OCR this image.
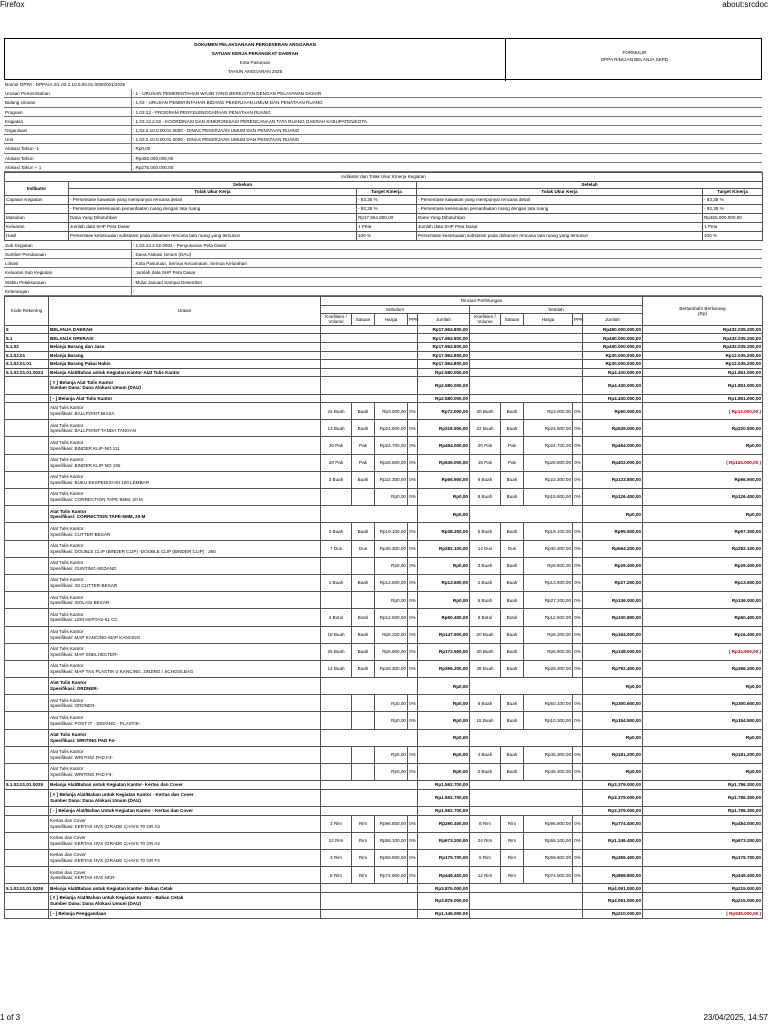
Firefox	about:srcdoc
DOKUMEN PELAKSANAAN PERGESERAN ANGGARAN
SATUAN KERJA PERANGKAT DAERAH
Kota Pasuruan
TAHUN ANGGARAN 2025
FORMULIR
DPPA RINCIAN BELANJA SKPD
Nomor DPPA : DPPA/A.2/1.03.2.10.0.00.01.0000/001/2025
Urusan Pemerintahan	: 1 - URUSAN PEMERINTAHAN WAJIB YANG BERKAITAN DENGAN PELAYANAN DASAR
Bidang Urusan	: 1.03 - URUSAN PEMERINTAHAN BIDANG PEKERJAAN UMUM DAN PENATAAN RUANG
Program	: 1.03.12 - PROGRAM PENYELENGGARAAN PENATAAN RUANG
Kegiatan	: 1.03.12.2.02 - KOORDINASI DAN SINKRONISASI PERENCANAAN TATA RUANG DAERAH KABUPATEN/KOTA
Organisasi	: 1.03.2.10.0.00.01.0000 - DINAS PEKERJAAN UMUM DAN PENATAAN RUANG
Unit	: 1.03.2.10.0.00.01.0000 - DINAS PEKERJAAN UMUM DAN PENATAAN RUANG
Alokasi Tahun -1	: Rp0,00
Alokasi Tahun	: Rp450.000.000,00
Alokasi Tahun + 1	: Rp275.000.000,00
Indikator dan Tolak Ukur Kinerja Kegiatan				
Indikator	Sebelum		Setelah	
	Tolak Ukur Kerja	Target Kinerja	Tolak Ukur Kerja	Target Kinerja
Capaian Kegiatan	- Persentase kawasan yang mempunyai rencana detail	- 83,35 %	- Persentase kawasan yang mempunyai rencana detail	- 83,35 %
	- Persentase kesesuaian pemanfaatan ruang dengan tata ruang	- 92,35 %	- Persentase kesesuaian pemanfaatan ruang dengan tata ruang	- 92,35 %
Masukan	Dana Yang Dibutuhkan	Rp17.964.800,00	Dana Yang Dibutuhkan	Rp450.000.000,00
Keluaran	Jumlah data SHP Peta Dasar	1 Peta	Jumlah data SHP Peta Dasar	1 Peta
Hasil	Persentase kesesuaian substansi pada dokumen rencana tata ruang yang tersusun	100 %	Persentase kesesuaian substansi pada dokumen rencana tata ruang yang tersusun	100 %
Sub Kegiatan	: 1.03.12.2.02.0004 - Penyusunan Peta Dasar
Sumber Pendanaan	: Dana Alokasi Umum (DAU)
Lokasi	: Kota Pasuruan, Semua Kecamatan, Semua Kelurahan
Keluaran Sub Kegiatan	: Jumlah data SHP Peta Dasar
Waktu Pelaksanaan	: Mulai Januari Sampai Desember
Keterangan	:
Kode Rekening	Uraian	Rincian Perhitungan										Bertambah/ Berkurang
(Rp)
		Sebelum					Setelah					
		Koefisien / Volume	Satuan	Harga	PPN	Jumlah	Koefisien / Volume	Satuan	Harga	PPN	Jumlah	
5	BELANJA DAERAH					Rp17.964.800,00					Rp450.000.000,00	Rp432.035.200,00
5.1	BELANJA OPERASI					Rp17.964.800,00					Rp450.000.000,00	Rp432.035.200,00
5.1.02	Belanja Barang dan Jasa					Rp17.964.800,00					Rp450.000.000,00	Rp432.035.200,00
5.1.02.01	Belanja Barang					Rp17.964.800,00					Rp30.000.000,00	Rp12.035.200,00
5.1.02.01.01	Belanja Barang Pakai Habis					Rp17.964.800,00					Rp30.000.000,00	Rp12.035.200,00
5.1.02.01.01.0024	Belanja Alat/Bahan untuk Kegiatan Kantor-Alat Tulis Kantor					Rp2.580.000,00					Rp4.430.000,00	Rp1.851.000,00

	[ # ] Belanja Alat Tulis Kantor
Sumber Dana: Dana Alokasi Umum (DAU)					Rp2.580.000,00					Rp4.430.000,00	Rp1.851.000,00
	[ - ] Belanja Alat Tulis Kantor					Rp2.580.000,00					Rp4.430.000,00	Rp1.851.000,00

	Alat Tulis Kantor
Spesifikasi: BALLPOINT-BIASA	24 Buah	Buah	Rp3.000,00	0%	Rp72.000,00	20 Buah	Buah	Rp3.000,00	0%	Rp60.000,00	( Rp12.000,00 )

	Alat Tulis Kantor
Spesifikasi: BALLPOINT-TANDA TANGAN	13 Buah	Buah	Rp24.500,00	0%	Rp318.500,00	22 Buah	Buah	Rp24.500,00	0%	Rp539.000,00	Rp220.500,00

	Alat Tulis Kantor
Spesifikasi: BINDER KLIP-NO 111	20 Pak	Pak	Rp24.700,00	0%	Rp494.000,00	20 Pak	Pak	Rp24.700,00	0%	Rp494.000,00	Rp0,00

	Alat Tulis Kantor
Spesifikasi: BINDER KLIP-NO 155	20 Pak	Pak	Rp26.800,00	0%	Rp536.000,00	15 Pak	Pak	Rp26.800,00	0%	Rp402.000,00	( Rp134.000,00 )

	Alat Tulis Kantor
Spesifikasi: BUKU EKSPEDISI-ISI 100 LEMBAR	3 Buah	Buah	Rp22.300,00	0%	Rp66.900,00	6 Buah	Buah	Rp22.300,00	0%	Rp133.800,00	Rp66.900,00

	Alat Tulis Kantor
Spesifikasi: CORRECTION TAPE-5MM, 20 M			Rp0,00	0%	Rp0,00	8 Buah	Buah	Rp15.800,00	0%	Rp126.400,00	Rp126.400,00

	Alat Tulis Kantor
Spesifikasi: CORRECTION TAPE-5MM, 20 M					Rp0,00					Rp0,00	Rp0,00

	Alat Tulis Kantor
Spesifikasi: CUTTER-BESAR	2 Buah	Buah	Rp19.100,00	0%	Rp38.200,00	5 Buah	Buah	Rp19.100,00	0%	Rp95.500,00	Rp57.300,00

	Alat Tulis Kantor
Spesifikasi: DOUBLE CLIP (BINDER CLIP) -DOUBLE CLIP (BINDER CLIP) : 260	7 Dus	Dus	Rp40.300,00	0%	Rp282.100,00	14 Dus	Dus	Rp40.300,00	0%	Rp564.200,00	Rp282.100,00

	Alat Tulis Kantor
Spesifikasi: GUNTING-SEDANG			Rp0,00	0%	Rp0,00	3 Buah	Buah	Rp9.800,00	0%	Rp29.400,00	Rp29.400,00

	Alat Tulis Kantor
Spesifikasi: ISI CUTTER-BESAR	1 Buah	Buah	Rp13.600,00	0%	Rp13.600,00	2 Buah	Buah	Rp13.600,00	0%	Rp27.200,00	Rp13.600,00

	Alat Tulis Kantor
Spesifikasi: ISOLASI BESAR-			Rp0,00	0%	Rp0,00	5 Buah	Buah	Rp27.200,00	0%	Rp136.000,00	Rp136.000,00

	Alat Tulis Kantor
Spesifikasi: LEM KERTAS-51 CC	4 Botol	Botol	Rp12.600,00	0%	Rp50.400,00	8 Botol	Botol	Rp12.600,00	0%	Rp100.800,00	Rp50.400,00

	Alat Tulis Kantor
Spesifikasi: MAP KANCING-MAP KANCING	18 Buah	Buah	Rp8.200,00	0%	Rp147.600,00	20 Buah	Buah	Rp8.200,00	0%	Rp164.000,00	Rp16.400,00

	Alat Tulis Kantor
Spesifikasi: MAP SNELHECTER-	25 Buah	Buah	Rp6.900,00	0%	Rp172.500,00	20 Buah	Buah	Rp6.900,00	0%	Rp138.000,00	( Rp34.500,00 )

	Alat Tulis Kantor
Spesifikasi: MAP TAS PLASTIK-2 KANCING, JINJING / SCHOOLBAG	14 Buah	Buah	Rp28.300,00	0%	Rp396.200,00	28 Buah	Buah	Rp28.300,00	0%	Rp792.400,00	Rp396.200,00

	Alat Tulis Kantor
Spesifikasi: ORDNER-					Rp0,00					Rp0,00	Rp0,00

	Alat Tulis Kantor
Spesifikasi: ORDNER-			Rp0,00	0%	Rp0,00	6 Buah	Buah	Rp50.100,00	0%	Rp300.600,00	Rp300.600,00

	Alat Tulis Kantor
Spesifikasi: POST IT - SEDANG - PLASTIK-			Rp0,00	0%	Rp0,00	15 Buah	Buah	Rp10.300,00	0%	Rp154.500,00	Rp154.500,00

	Alat Tulis Kantor
Spesifikasi: WRITING PAD F4-					Rp0,00					Rp0,00	Rp0,00

	Alat Tulis Kantor
Spesifikasi: WRITING PAD F4-			Rp0,00	0%	Rp0,00	4 Buah	Buah	Rp45.300,00	0%	Rp181.200,00	Rp181.200,00

	Alat Tulis Kantor
Spesifikasi: WRITING PAD F4-			Rp0,00	0%	Rp0,00	0 Buah	Buah	Rp45.300,00	0%	Rp0,00	Rp0,00
5.1.02.01.01.0025	Belanja Alat/Bahan untuk Kegiatan Kantor- Kertas dan Cover					Rp1.592.700,00					Rp3.379.000,00	Rp1.786.300,00

	[ # ] Belanja Alat/Bahan untuk Kegiatan Kantor - Kertas dan Cover
Sumber Dana: Dana Alokasi Umum (DAU)					Rp1.592.700,00					Rp3.379.000,00	Rp1.786.300,00
	[ - ] Belanja Alat/Bahan Untuk Kegiatan Kantor - Kertas dan Cover					Rp1.592.700,00					Rp3.379.000,00	Rp1.786.300,00

	Kertas dan Cover
Spesifikasi: KERTAS HVS (GRADE 1)-HVS 70 GR A3	3 Rim	Rim	Rp96.800,00	0%	Rp290.400,00	8 Rim	Rim	Rp96.800,00	0%	Rp774.400,00	Rp484.000,00

	Kertas dan Cover
Spesifikasi: KERTAS HVS (GRADE 1)-HVS 70 GR A4	12 Rim	Rim	Rp56.100,00	0%	Rp673.200,00	24 Rim	Rim	Rp56.100,00	0%	Rp1.346.400,00	Rp673.200,00

	Kertas dan Cover
Spesifikasi: KERTAS HVS (GRADE 1)-HVS 70 GR F4	3 Rim	Rim	Rp59.900,00	0%	Rp179.700,00	6 Rim	Rim	Rp59.900,00	0%	Rp359.400,00	Rp179.700,00

	Kertas dan Cover
Spesifikasi: KERTAS HVS NCR-	6 Rim	Rim	Rp74.900,00	0%	Rp449.400,00	12 Rim	Rim	Rp74.900,00	0%	Rp898.800,00	Rp449.400,00
5.1.02.01.01.0026	Belanja Alat/Bahan untuk Kegiatan Kantor- Bahan Cetak					Rp3.876.000,00					Rp4.091.000,00	Rp215.000,00

	[ # ] Belanja Alat/Bahan untuk Kegiatan Kantor - Bahan Cetak
Sumber Dana: Dana Alokasi Umum (DAU)					Rp3.876.000,00					Rp4.091.000,00	Rp215.000,00
	[ - ] Belanja Penggandaan					Rp1.146.000,00					Rp210.000,00	( Rp936.000,00 )
1 of 3	23/04/2025, 14:57
